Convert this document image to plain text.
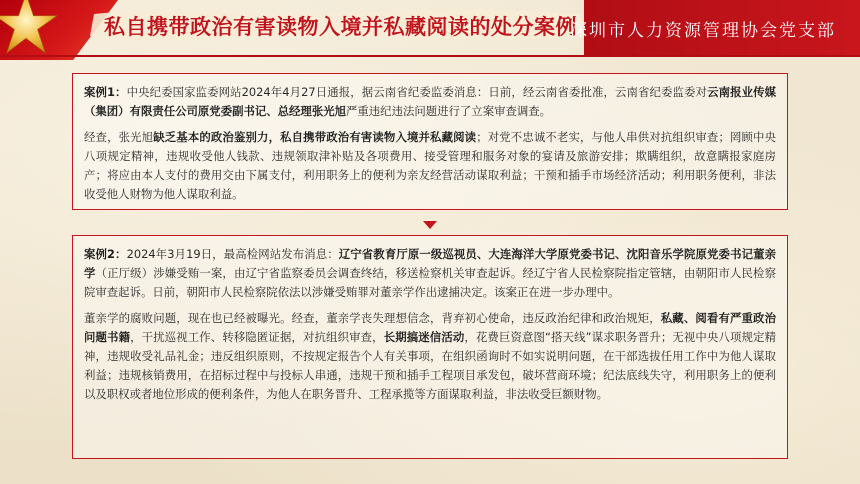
私自携带政治有害读物入境并私藏阅读的处分案例
深圳市人力资源管理协会党支部

案例1：中央纪委国家监委网站2024年4月27日通报，据云南省纪委监委消息：日前，经云南省委批准，云南省纪委监委对云南报业传媒（集团）有限责任公司原党委副书记、总经理张光旭严重违纪违法问题进行了立案审查调查。

经查，张光旭缺乏基本的政治鉴别力，私自携带政治有害读物入境并私藏阅读；对党不忠诚不老实，与他人串供对抗组织审查；罔顾中央八项规定精神，违规收受他人钱款、违规领取津补贴及各项费用、接受管理和服务对象的宴请及旅游安排；欺瞒组织，故意瞒报家庭房产；将应由本人支付的费用交由下属支付，利用职务上的便利为亲友经营活动谋取利益；干预和插手市场经济活动；利用职务便利，非法收受他人财物为他人谋取利益。

案例2：2024年3月19日，最高检网站发布消息：辽宁省教育厅原一级巡视员、大连海洋大学原党委书记、沈阳音乐学院原党委书记董亲学（正厅级）涉嫌受贿一案，由辽宁省监察委员会调查终结，移送检察机关审查起诉。经辽宁省人民检察院指定管辖，由朝阳市人民检察院审查起诉。日前，朝阳市人民检察院依法以涉嫌受贿罪对董亲学作出逮捕决定。该案正在进一步办理中。

董亲学的腐败问题，现在也已经被曝光。经查，董亲学丧失理想信念，背弃初心使命，违反政治纪律和政治规矩，私藏、阅看有严重政治问题书籍，干扰巡视工作、转移隐匿证据，对抗组织审查，长期搞迷信活动，花费巨资意图“搭天线”谋求职务晋升；无视中央八项规定精神，违规收受礼品礼金；违反组织原则，不按规定报告个人有关事项，在组织函询时不如实说明问题，在干部选拔任用工作中为他人谋取利益；违规核销费用，在招标过程中与投标人串通，违规干预和插手工程项目承发包，破坏营商环境；纪法底线失守，利用职务上的便利以及职权或者地位形成的便利条件，为他人在职务晋升、工程承揽等方面谋取利益，非法收受巨额财物。
